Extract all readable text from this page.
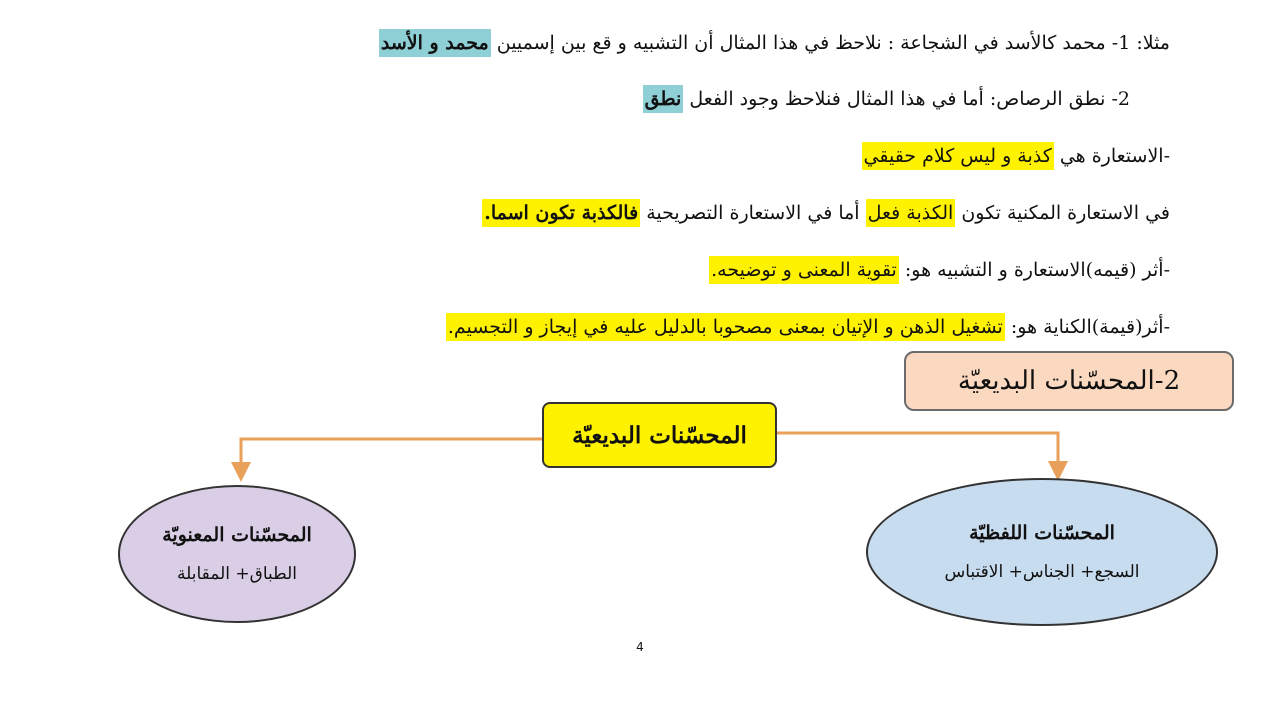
مثلا: 1- محمد كالأسد في الشجاعة : نلاحظ في هذا المثال أن التشبيه و قع بين إسميين محمد و الأسد
2- نطق الرصاص: أما في هذا المثال فنلاحظ وجود الفعل نطق
-الاستعارة هي كذبة و ليس كلام حقيقي
في الاستعارة المكنية تكون الكذبة فعل أما في الاستعارة التصريحية فالكذبة تكون اسما.
-أثر (قيمه)الاستعارة و التشبيه هو: تقوية المعنى و توضيحه.
-أثر(قيمة)الكناية هو: تشغيل الذهن و الإتيان بمعنى مصحوبا بالدليل عليه في إيجاز و التجسيم.
2-المحسّنات البديعيّة
المحسّنات البديعيّة
المحسّنات المعنويّة
الطباق+ المقابلة
المحسّنات اللفظيّة
السجع+ الجناس+ الاقتباس
4
